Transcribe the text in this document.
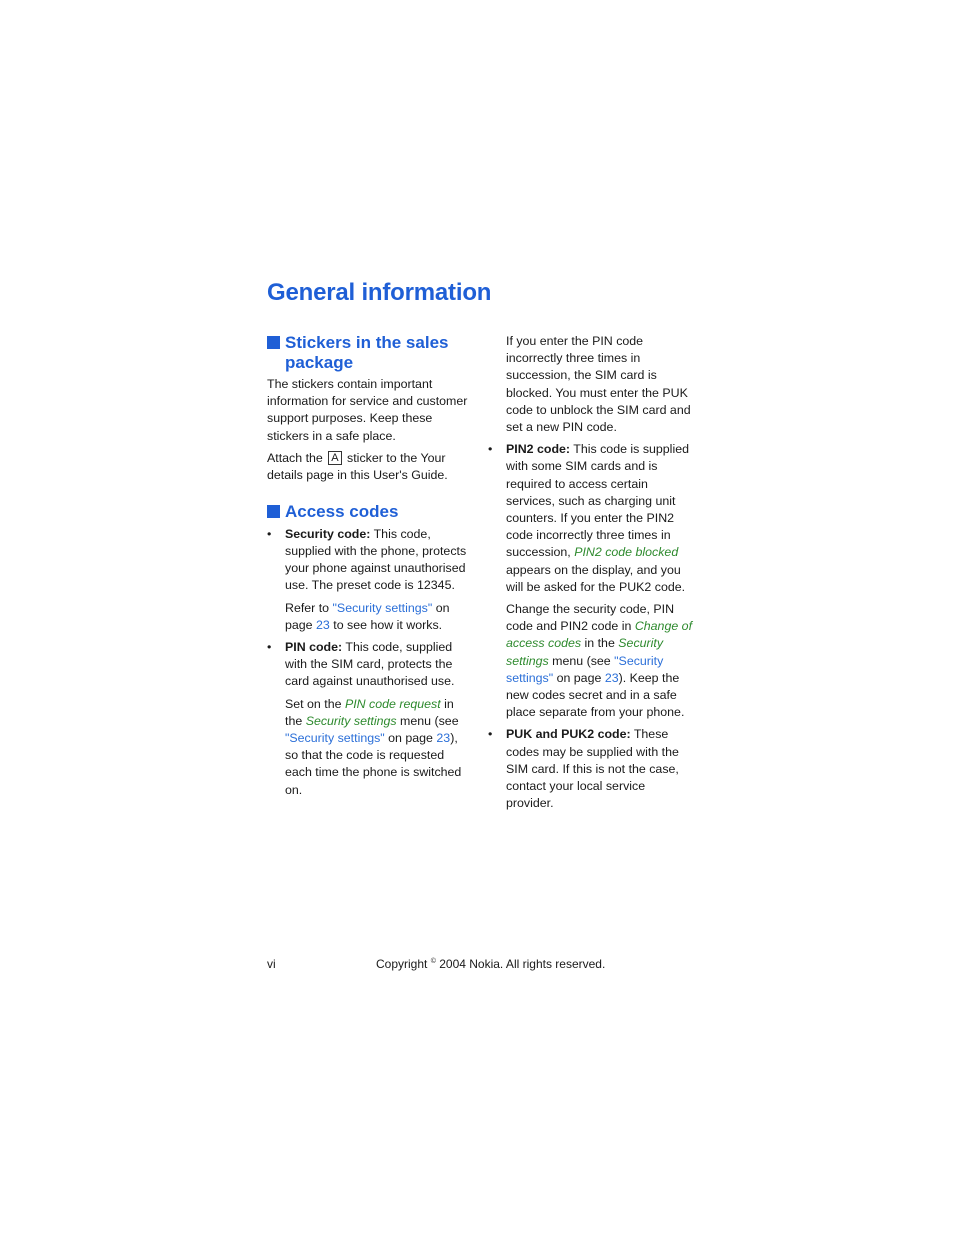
General information
Stickers in the sales package

The stickers contain important information for service and customer support purposes. Keep these stickers in a safe place.

Attach the A sticker to the Your details page in this User's Guide.

Access codes
•	Security code: This code, supplied with the phone, protects your phone against unauthorised use. The preset code is 12345.

Refer to "Security settings" on page 23 to see how it works.

•	PIN code: This code, supplied with the SIM card, protects the card against unauthorised use.

Set on the PIN code request in the Security settings menu (see "Security settings" on page 23), so that the code is requested each time the phone is switched on.

If you enter the PIN code incorrectly three times in succession, the SIM card is blocked. You must enter the PUK code to unblock the SIM card and set a new PIN code.

•	PIN2 code: This code is supplied with some SIM cards and is required to access certain services, such as charging unit counters. If you enter the PIN2 code incorrectly three times in succession, PIN2 code blocked appears on the display, and you will be asked for the PUK2 code.

Change the security code, PIN code and PIN2 code in Change of access codes in the Security settings menu (see "Security settings" on page 23). Keep the new codes secret and in a safe place separate from your phone.

•	PUK and PUK2 code: These codes may be supplied with the SIM card. If this is not the case, contact your local service provider.

vi	Copyright © 2004 Nokia. All rights reserved.
